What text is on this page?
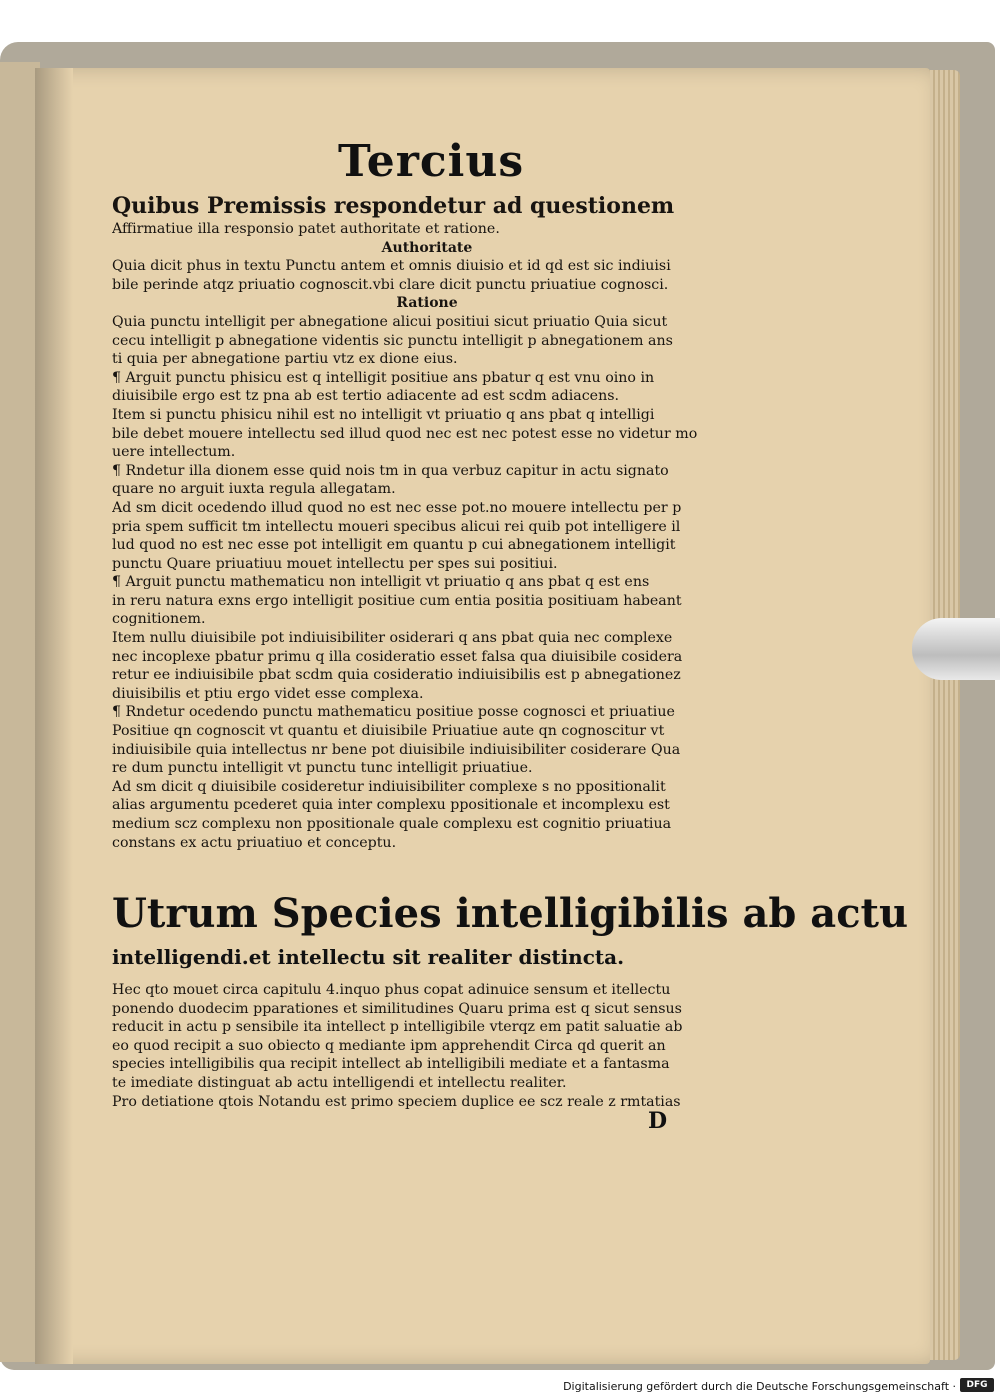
Tercius
Quibus Premissis respondetur ad questionem
Affirmatiue illa responsio patet authoritate et ratione.
Authoritate
Quia dicit phus in textu Punctu antem et omnis diuisio et id qd est sic indiuisi
bile perinde atqz priuatio cognoscit.vbi clare dicit punctu priuatiue cognosci.
Ratione
Quia punctu intelligit per abnegatione alicui positiui sicut priuatio Quia sicut
cecu intelligit p abnegatione videntis sic punctu intelligit p abnegationem ans
ti quia per abnegatione partiu vtz ex dione eius.
¶ Arguit punctu phisicu est q intelligit positiue ans pbatur q est vnu oino in
diuisibile ergo est tz pna ab est tertio adiacente ad est scdm adiacens.
Item si punctu phisicu nihil est no intelligit vt priuatio q ans pbat q intelligi
bile debet mouere intellectu sed illud quod nec est nec potest esse no videtur mo
uere intellectum.
¶ Rndetur illa dionem esse quid nois tm in qua verbuz capitur in actu signato
quare no arguit iuxta regula allegatam.
Ad sm dicit ocedendo illud quod no est nec esse pot.no mouere intellectu per p
pria spem sufficit tm intellectu moueri specibus alicui rei quib pot intelligere il
lud quod no est nec esse pot intelligit em quantu p cui abnegationem intelligit
punctu Quare priuatiuu mouet intellectu per spes sui positiui.
¶ Arguit punctu mathematicu non intelligit vt priuatio q ans pbat q est ens
in reru natura exns ergo intelligit positiue cum entia positia positiuam habeant
cognitionem.
Item nullu diuisibile pot indiuisibiliter osiderari q ans pbat quia nec complexe
nec incoplexe pbatur primu q illa cosideratio esset falsa qua diuisibile cosidera
retur ee indiuisibile pbat scdm quia cosideratio indiuisibilis est p abnegationez
diuisibilis et ptiu ergo videt esse complexa.
¶ Rndetur ocedendo punctu mathematicu positiue posse cognosci et priuatiue
Positiue qn cognoscit vt quantu et diuisibile Priuatiue aute qn cognoscitur vt
indiuisibile quia intellectus nr bene pot diuisibile indiuisibiliter cosiderare Qua
re dum punctu intelligit vt punctu tunc intelligit priuatiue.
Ad sm dicit q diuisibile cosideretur indiuisibiliter complexe s no ppositionalit
alias argumentu pcederet quia inter complexu ppositionale et incomplexu est
medium scz complexu non ppositionale quale complexu est cognitio priuatiua
constans ex actu priuatiuo et conceptu.
Utrum Species intelligibilis ab actu
intelligendi.et intellectu sit realiter distincta.
Hec qto mouet circa capitulu 4.inquo phus copat adinuice sensum et itellectu
ponendo duodecim pparationes et similitudines Quaru prima est q sicut sensus
reducit in actu p sensibile ita intellect p intelligibile vterqz em patit saluatie ab
eo quod recipit a suo obiecto q mediante ipm apprehendit Circa qd querit an
species intelligibilis qua recipit intellect ab intelligibili mediate et a fantasma
te imediate distinguat ab actu intelligendi et intellectu realiter.
Pro detiatione qtois Notandu est primo speciem duplice ee scz reale z rmtatias
D
Digitalisierung gefördert durch die Deutsche Forschungsgemeinschaft ·	DFG
